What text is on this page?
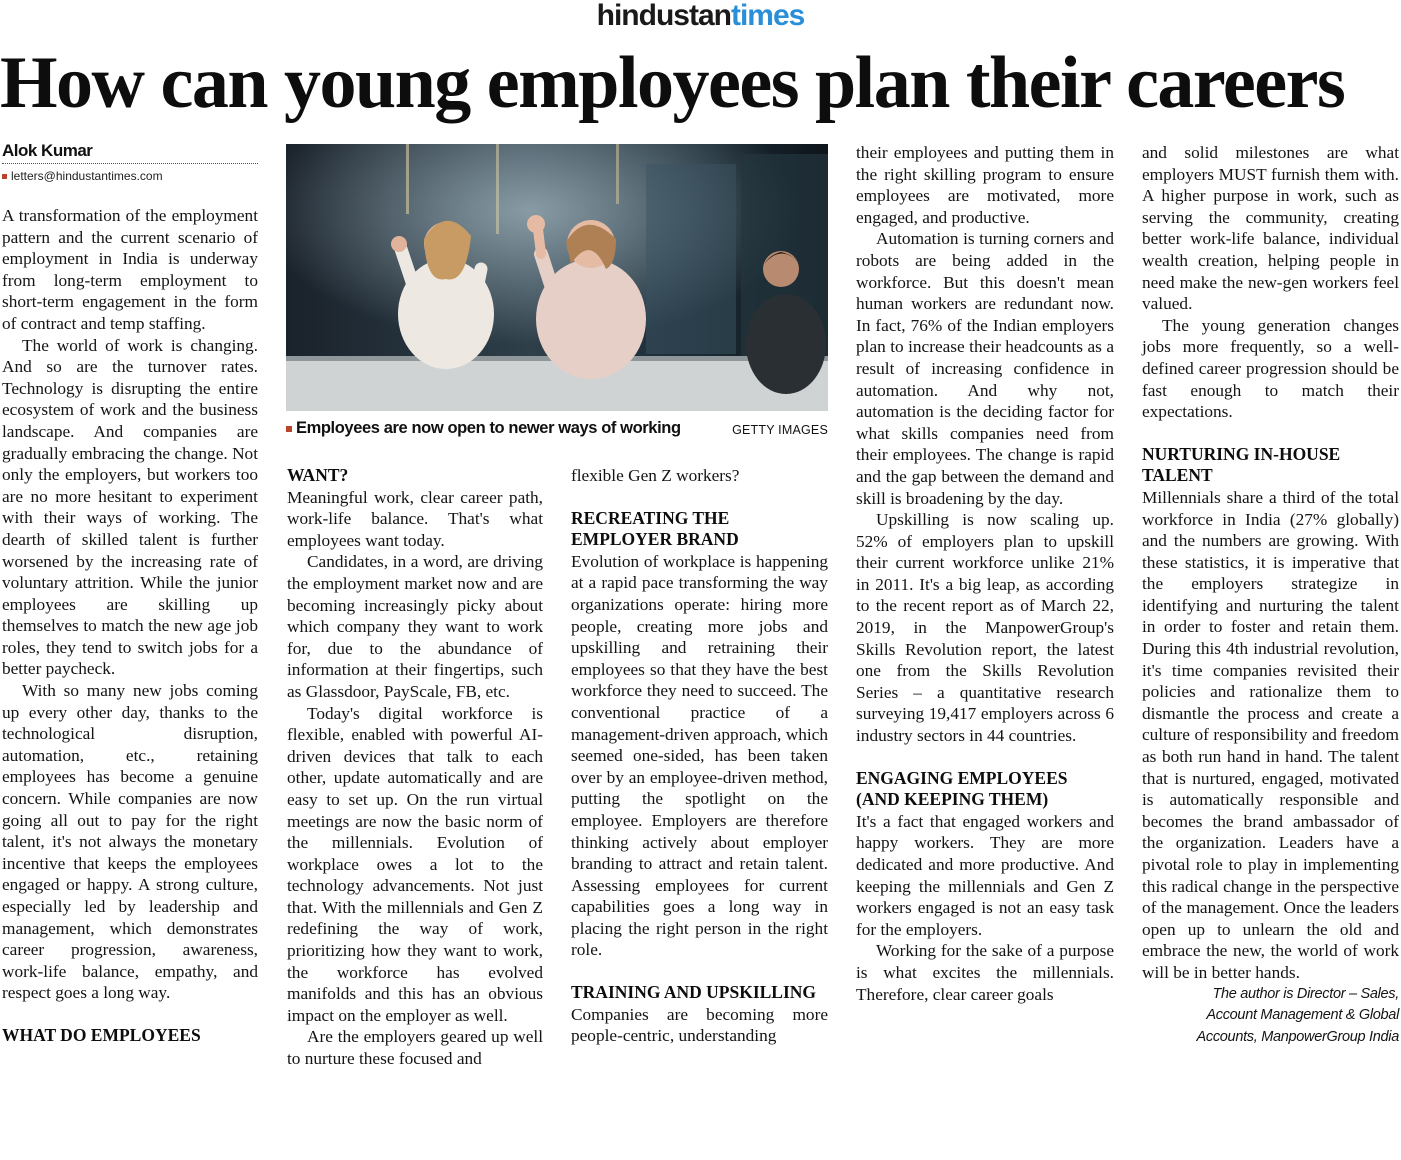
hindustantimes
How can young employees plan their careers
Alok Kumar
letters@hindustantimes.com

A transformation of the employment pattern and the current scenario of employment in India is underway from long-term employment to short-term engagement in the form of contract and temp staffing.

The world of work is changing. And so are the turnover rates. Technology is disrupting the entire ecosystem of work and the business landscape. And companies are gradually embracing the change. Not only the employers, but workers too are no more hesitant to experiment with their ways of working. The dearth of skilled talent is further worsened by the increasing rate of voluntary attrition. While the junior employees are skilling up themselves to match the new age job roles, they tend to switch jobs for a better paycheck.

With so many new jobs coming up every other day, thanks to the technological disruption, automation, etc., retaining employees has become a genuine concern. While companies are now going all out to pay for the right talent, it's not always the monetary incentive that keeps the employees engaged or happy. A strong culture, especially led by leadership and management, which demonstrates career progression, awareness, work-life balance, empathy, and respect goes a long way.

WHAT DO EMPLOYEES
Employees are now open to newer ways of working	GETTY IMAGES
WANT?

Meaningful work, clear career path, work-life balance. That's what employees want today.

Candidates, in a word, are driving the employment market now and are becoming increasingly picky about which company they want to work for, due to the abundance of information at their fingertips, such as Glassdoor, PayScale, FB, etc.

Today's digital workforce is flexible, enabled with powerful AI-driven devices that talk to each other, update automatically and are easy to set up. On the run virtual meetings are now the basic norm of the millennials. Evolution of workplace owes a lot to the technology advancements. Not just that. With the millennials and Gen Z redefining the way of work, prioritizing how they want to work, the workforce has evolved manifolds and this has an obvious impact on the employer as well.

Are the employers geared up well to nurture these focused and

flexible Gen Z workers?

RECREATING THE EMPLOYER BRAND

Evolution of workplace is happening at a rapid pace transforming the way organizations operate: hiring more people, creating more jobs and upskilling and retraining their employees so that they have the best workforce they need to succeed. The conventional practice of a management-driven approach, which seemed one-sided, has been taken over by an employee-driven method, putting the spotlight on the employee. Employers are therefore thinking actively about employer branding to attract and retain talent. Assessing employees for current capabilities goes a long way in placing the right person in the right role.

TRAINING AND UPSKILLING

Companies are becoming more people-centric, understanding

their employees and putting them in the right skilling program to ensure employees are motivated, more engaged, and productive.

Automation is turning corners and robots are being added in the workforce. But this doesn't mean human workers are redundant now. In fact, 76% of the Indian employers plan to increase their headcounts as a result of increasing confidence in automation. And why not, automation is the deciding factor for what skills companies need from their employees. The change is rapid and the gap between the demand and skill is broadening by the day.

Upskilling is now scaling up. 52% of employers plan to upskill their current workforce unlike 21% in 2011. It's a big leap, as according to the recent report as of March 22, 2019, in the ManpowerGroup's Skills Revolution report, the latest one from the Skills Revolution Series – a quantitative research surveying 19,417 employers across 6 industry sectors in 44 countries.

ENGAGING EMPLOYEES (AND KEEPING THEM)

It's a fact that engaged workers and happy workers. They are more dedicated and more productive. And keeping the millennials and Gen Z workers engaged is not an easy task for the employers.

Working for the sake of a purpose is what excites the millennials. Therefore, clear career goals

and solid milestones are what employers MUST furnish them with. A higher purpose in work, such as serving the community, creating better work-life balance, individual wealth creation, helping people in need make the new-gen workers feel valued.

The young generation changes jobs more frequently, so a well-defined career progression should be fast enough to match their expectations.

NURTURING IN-HOUSE TALENT

Millennials share a third of the total workforce in India (27% globally) and the numbers are growing. With these statistics, it is imperative that the employers strategize in identifying and nurturing the talent in order to foster and retain them. During this 4th industrial revolution, it's time companies revisited their policies and rationalize them to dismantle the process and create a culture of responsibility and freedom as both run hand in hand. The talent that is nurtured, engaged, motivated is automatically responsible and becomes the brand ambassador of the organization. Leaders have a pivotal role to play in implementing this radical change in the perspective of the management. Once the leaders open up to unlearn the old and embrace the new, the world of work will be in better hands.

The author is Director – Sales,
Account Management & Global
Accounts, ManpowerGroup India
